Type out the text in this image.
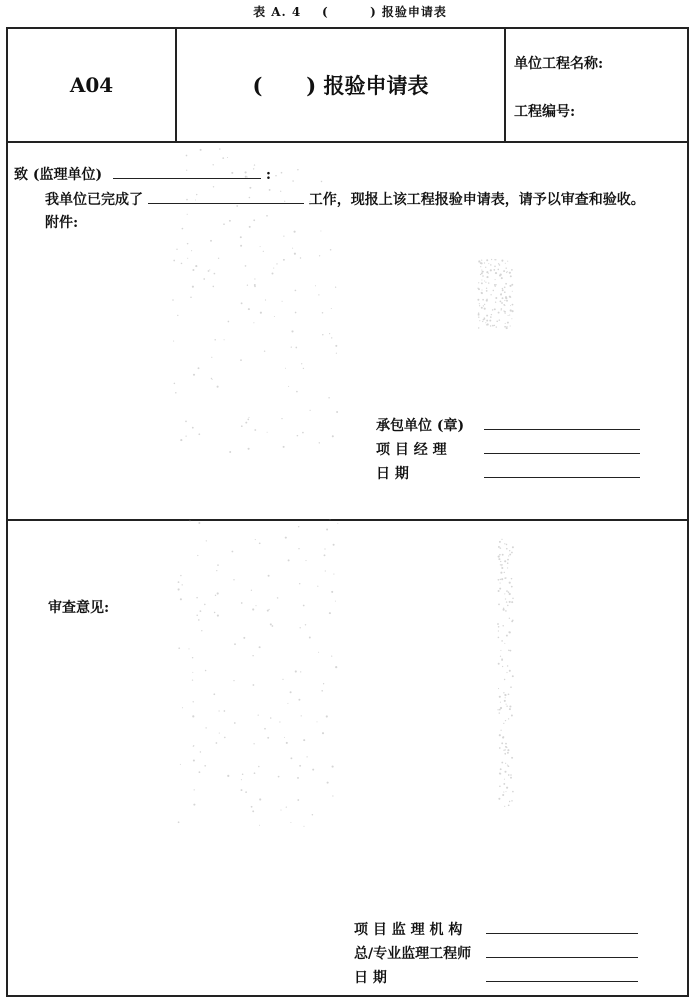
表 A. 4    (        ) 报验申请表
A04	(      ) 报验申请表
单位工程名称:
工程编号:
致 (监理单位)	:
我单位已完成了	工作，现报上该工程报验申请表，请予以审查和验收。
附件:
承包单位 (章)
项 目 经 理
日 期
审查意见:
项 目 监 理 机 构
总/专业监理工程师
日 期
